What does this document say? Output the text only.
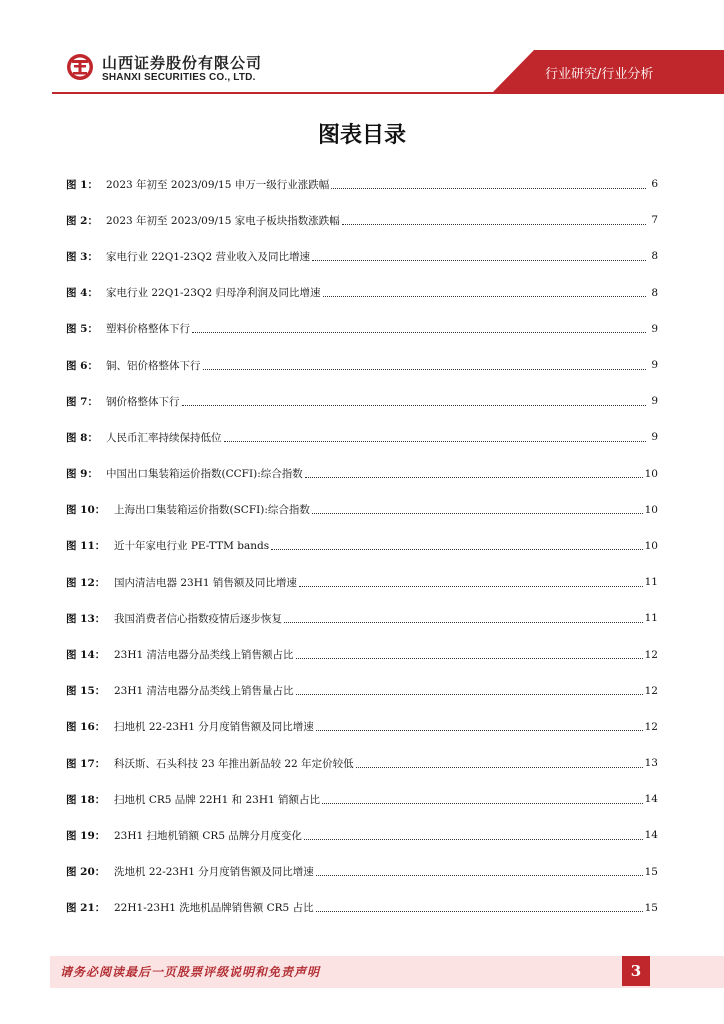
山西证券股份有限公司
SHANXI SECURITIES CO., LTD.	行业研究/行业分析
图表目录
图 1： 2023 年初至 2023/09/15 申万一级行业涨跌幅	6
图 2： 2023 年初至 2023/09/15 家电子板块指数涨跌幅	7
图 3： 家电行业 22Q1-23Q2 营业收入及同比增速	8
图 4： 家电行业 22Q1-23Q2 归母净利润及同比增速	8
图 5： 塑料价格整体下行	9
图 6： 铜、铝价格整体下行	9
图 7： 钢价格整体下行	9
图 8： 人民币汇率持续保持低位	9
图 9： 中国出口集装箱运价指数(CCFI):综合指数	10
图 10： 上海出口集装箱运价指数(SCFI):综合指数	10
图 11： 近十年家电行业 PE-TTM bands	10
图 12： 国内清洁电器 23H1 销售额及同比增速	11
图 13： 我国消费者信心指数疫情后逐步恢复	11
图 14： 23H1 清洁电器分品类线上销售额占比	12
图 15： 23H1 清洁电器分品类线上销售量占比	12
图 16： 扫地机 22-23H1 分月度销售额及同比增速	12
图 17： 科沃斯、石头科技 23 年推出新品较 22 年定价较低	13
图 18： 扫地机 CR5 品牌 22H1 和 23H1 销额占比	14
图 19： 23H1 扫地机销额 CR5 品牌分月度变化	14
图 20： 洗地机 22-23H1 分月度销售额及同比增速	15
图 21： 22H1-23H1 洗地机品牌销售额 CR5 占比	15
请务必阅读最后一页股票评级说明和免责声明	3
